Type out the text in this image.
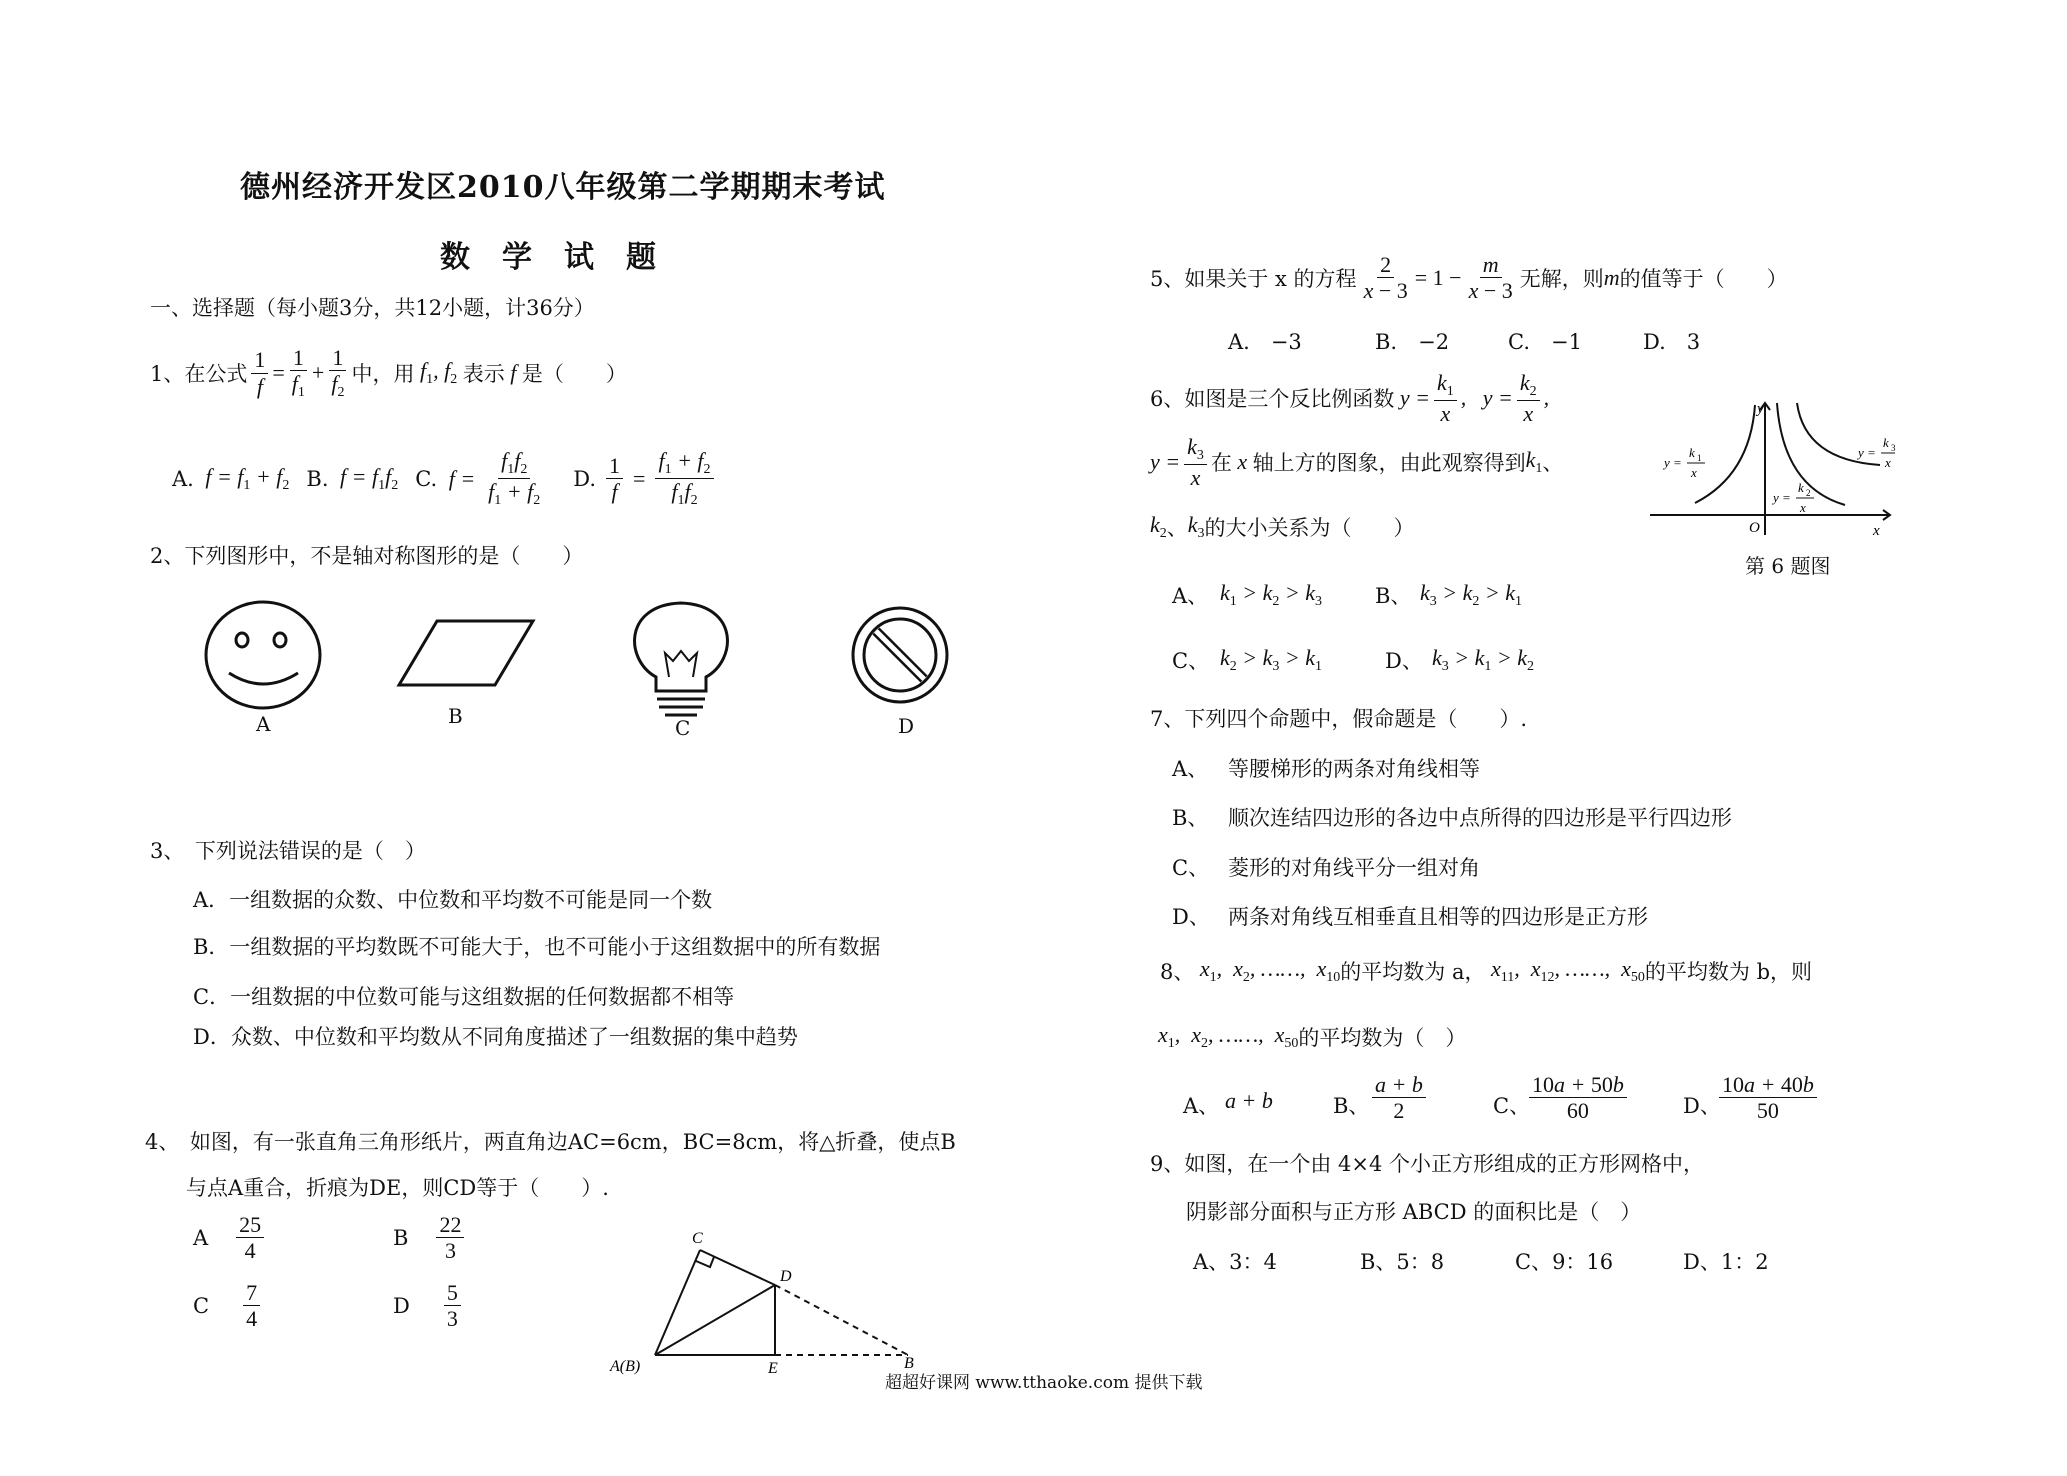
德州经济开发区2010八年级第二学期期末考试
数学试题
一、选择题（每小题3分，共12小题，计36分）
1、在公式 $\frac{1}{f} = \frac{1}{f_1} + \frac{1}{f_2}$ 中，用 $f_1$, $f_2$ 表示 f 是（　　）
A. $f = f_1 + f_2$ B. $f = f_1f_2$ C. $f = \frac{f_1f_2}{f_1 + f_2} D$. $\frac{1}{f} = \frac{f_1 + f_2}{f_1f_2}$
2、下列图形中，不是轴对称图形的是（　　）
A	B	C	D
3、　下列说法错误的是（　）
A．一组数据的众数、中位数和平均数不可能是同一个数
B．一组数据的平均数既不可能大于，也不可能小于这组数据中的所有数据
C．一组数据的中位数可能与这组数据的任何数据都不相等
D．众数、中位数和平均数从不同角度描述了一组数据的集中趋势
4、　如图，有一张直角三角形纸片，两直角边AC=6cm，BC=8cm，将△折叠，使点B
与点A重合，折痕为DE，则CD等于（　　）.
A $\frac{25}{4}$	B $\frac{22}{3}$
C $\frac{7}{4}$	D $\frac{5}{3}$
C
D
A(B)	E	B
5、如果关于 x 的方程 $\frac{2}{x - 3} = 1 - \frac{m}{x - 3}$ 无解，则 m 的值等于（　　）
A.　−3	B.　−2	C.　−1	D.　3
6、如图是三个反比例函数 $y = \frac{k_1}{x}$ ,   $y = \frac{k_2}{x}$ ,
$y = \frac{k_3}{x}$ 在 x 轴上方的图象，由此观察得到 $k_1$ 、
$k_2$ 、 $k_3$ 的大小关系为（　　）
y
x
O
y =
k 1
x
y =
k 2
x
y =
k 3
x
第 6 题图
A、 $k_1 > k_2 > k_3$	B、 $k_3 > k_2 > k_1$
C、 $k_2 > k_3 > k_1$	D、 $k_3 > k_1 > k_2$
7、下列四个命题中，假命题是（　　）.
A、 等腰梯形的两条对角线相等
B、 顺次连结四边形的各边中点所得的四边形是平行四边形
C、 菱形的对角线平分一组对角
D、 两条对角线互相垂直且相等的四边形是正方形
8、 $x_1$,  $x_2$, ……,  $x_{10}$ 的平均数为 a， $x_{11}$,  $x_{12}$, ……,  $x_{50}$ 的平均数为 b，则
$x_1$,  $x_2$, ……,  $x_{50}$ 的平均数为（　）
A、 a + b	B、 $\frac{a + b}{2}$	C、
$\frac{10a + 50b}{60}$	D、
$\frac{10a + 40b}{50}$
9、如图，在一个由 4×4 个小正方形组成的正方形网格中，
阴影部分面积与正方形 ABCD 的面积比是（　）
A、3：4	B、5：8	C、9：16	D、1：2
超超好课网 www.tthaoke.com 提供下载
